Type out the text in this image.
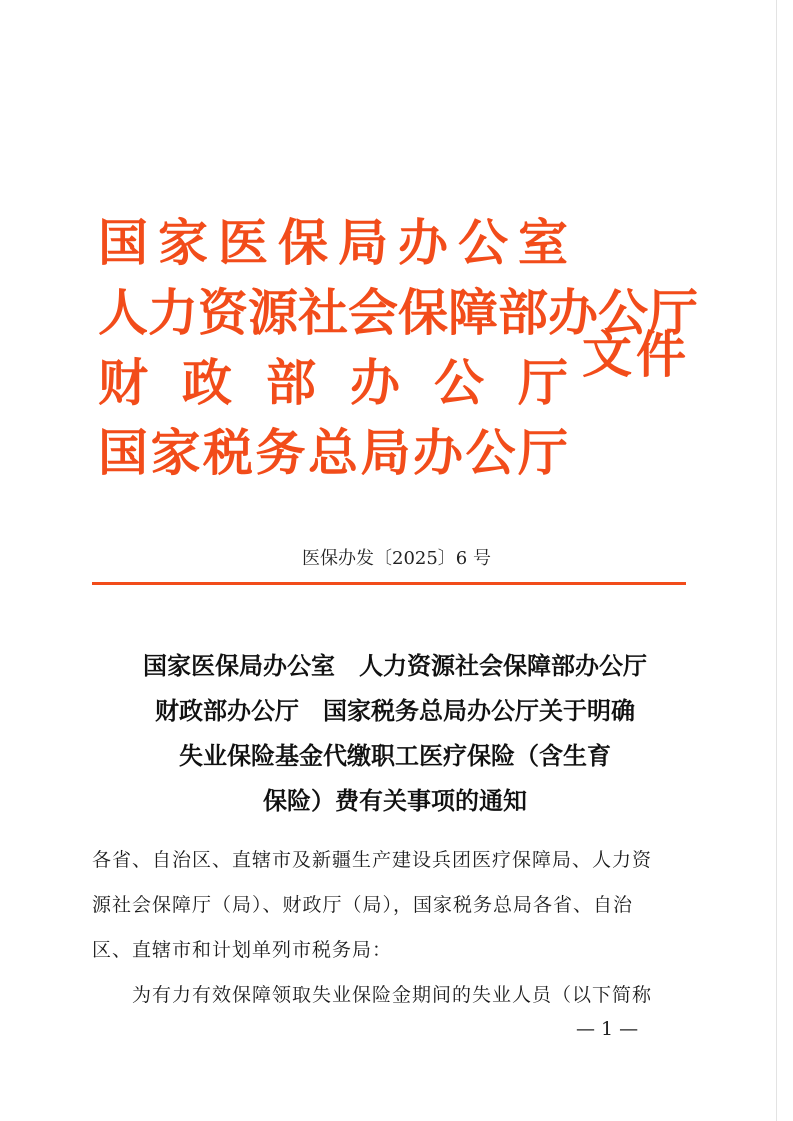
国 家 医 保 局 办 公 室
人 力 资 源 社 会 保 障 部 办 公 厅
财 政 部 办 公 厅
国 家 税 务 总 局 办 公 厅
文件
医保办发〔2025〕6 号
国家医保局办公室　人力资源社会保障部办公厅
财政部办公厅　国家税务总局办公厅关于明确
失业保险基金代缴职工医疗保险（含生育
保险）费有关事项的通知
各省、自治区、直辖市及新疆生产建设兵团医疗保障局、人力资
源社会保障厅（局）、财政厅（局），国家税务总局各省、自治
区、直辖市和计划单列市税务局：
为有力有效保障领取失业保险金期间的失业人员（以下简称
— 1 —
